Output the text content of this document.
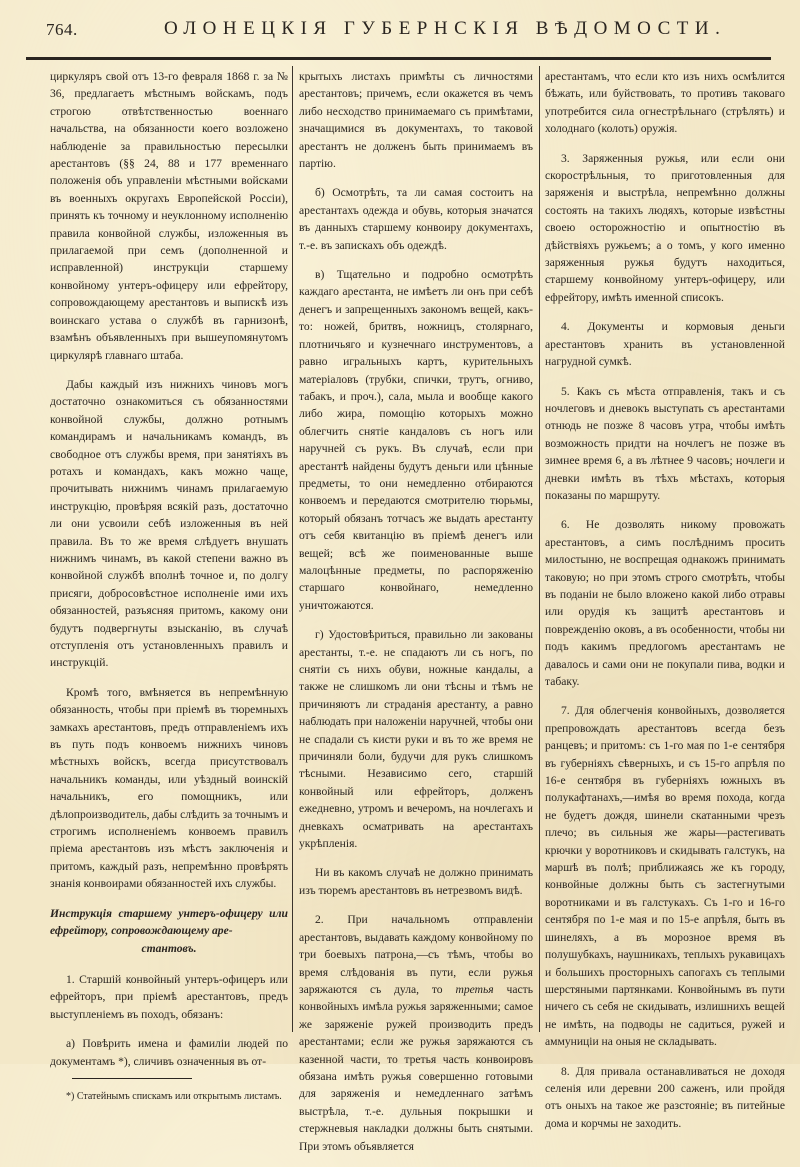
764.	ОЛОНЕЦКІЯ ГУБЕРНСКІЯ ВѢДОМОСТИ.

циркуляръ свой отъ 13-го февраля 1868 г. за № 36, предлагаетъ мѣстнымъ войскамъ, подъ строгою отвѣтственностью военнаго начальства, на обязанности коего возложено наблюденіе за правильностью пересылки арестантовъ (§§ 24, 88 и 177 временнаго положенія объ управленіи мѣстными войсками въ военныхъ округахъ Европейской Россіи), принять къ точному и неуклонному исполненію правила конвойной службы, изложенныя въ прилагаемой при семъ (дополненной и исправленной) инструкціи старшему конвойному унтеръ-офицеру или ефрейтору, сопровождающему арестантовъ и выпискѣ изъ воинскаго устава о службѣ въ гарнизонѣ, взамѣнъ объявленныхъ при вышеупомянутомъ циркулярѣ главнаго штаба.

Дабы каждый изъ нижнихъ чиновъ могъ достаточно ознакомиться съ обязанностями конвойной службы, должно ротнымъ командирамъ и начальникамъ командъ, въ свободное отъ службы время, при занятіяхъ въ ротахъ и командахъ, какъ можно чаще, прочитывать нижнимъ чинамъ прилагаемую инструкцію, провѣряя всякій разъ, достаточно ли они усвоили себѣ изложенныя въ ней правила. Въ то же время слѣдуетъ внушать нижнимъ чинамъ, въ какой степени важно въ конвойной службѣ вполнѣ точное и, по долгу присяги, добросовѣстное исполненіе ими ихъ обязанностей, разъясняя притомъ, какому они будутъ подвергнуты взысканію, въ случаѣ отступленія отъ установленныхъ правилъ и инструкцій.

Кромѣ того, вмѣняется въ непремѣнную обязанность, чтобы при пріемѣ въ тюремныхъ замкахъ арестантовъ, предъ отправленіемъ ихъ въ путь подъ конвоемъ нижнихъ чиновъ мѣстныхъ войскъ, всегда присутствовалъ начальникъ команды, или уѣздный воинскій начальникъ, его помощникъ, или дѣлопроизводитель, дабы слѣдить за точнымъ и строгимъ исполненіемъ конвоемъ правилъ пріема арестантовъ изъ мѣстъ заключенія и притомъ, каждый разъ, непремѣнно провѣрять знанія конвоирами обязанностей ихъ службы.

Инструкція старшему унтеръ-офицеру или ефрейтору, сопровождающему аре-
стантовъ.

1. Старшій конвойный унтеръ-офицеръ или ефрейторъ, при пріемѣ арестантовъ, предъ выступленіемъ въ походъ, обязанъ:

а) Повѣрить имена и фамиліи людей по документамъ *), сличивъ означенныя въ от-

*) Статейнымъ спискамъ или открытымъ листамъ.

крытыхъ листахъ примѣты съ личностями арестантовъ; причемъ, если окажется въ чемъ либо несходство принимаемаго съ примѣтами, значащимися въ документахъ, то таковой арестантъ не долженъ быть принимаемъ въ партію.

б) Осмотрѣть, та ли самая состоитъ на арестантахъ одежда и обувь, которыя значатся въ данныхъ старшему конвоиру документахъ, т.-е. въ запискахъ объ одеждѣ.

в) Тщательно и подробно осмотрѣть каждаго арестанта, не имѣетъ ли онъ при себѣ денегъ и запрещенныхъ закономъ вещей, какъ-то: ножей, бритвъ, ножницъ, столярнаго, плотничьяго и кузнечнаго инструментовъ, а равно игральныхъ картъ, курительныхъ матеріаловъ (трубки, спички, трутъ, огниво, табакъ, и проч.), сала, мыла и вообще какого либо жира, помощію которыхъ можно облегчить снятіе кандаловъ съ ногъ или наручней съ рукъ. Въ случаѣ, если при арестантѣ найдены будутъ деньги или цѣнные предметы, то они немедленно отбираются конвоемъ и передаются смотрителю тюрьмы, который обязанъ тотчасъ же выдать арестанту отъ себя квитанцію въ пріемѣ денегъ или вещей; всѣ же поименованные выше малоцѣнные предметы, по распоряженію старшаго конвойнаго, немедленно уничтожаются.

г) Удостовѣриться, правильно ли закованы арестанты, т.-е. не спадаютъ ли съ ногъ, по снятіи съ нихъ обуви, ножные кандалы, а также не слишкомъ ли они тѣсны и тѣмъ не причиняютъ ли страданія арестанту, а равно наблюдать при наложеніи наручней, чтобы они не спадали съ кисти руки и въ то же время не причиняли боли, будучи для рукъ слишкомъ тѣсными. Независимо сего, старшій конвойный или ефрейторъ, долженъ ежедневно, утромъ и вечеромъ, на ночлегахъ и дневкахъ осматривать на арестантахъ укрѣпленія.

Ни въ какомъ случаѣ не должно принимать изъ тюремъ арестантовъ въ нетрезвомъ видѣ.

2. При начальномъ отправленіи арестантовъ, выдавать каждому конвойному по три боевыхъ патрона,—съ тѣмъ, чтобы во время слѣдованія въ пути, если ружья заряжаются съ дула, то третья часть конвойныхъ имѣла ружья заряженными; самое же заряженіе ружей производить предъ арестантами; если же ружья заряжаются съ казенной части, то третья часть конвоировъ обязана имѣть ружья совершенно готовыми для заряженія и немедленнаго затѣмъ выстрѣла, т.-е. дульныя покрышки и стержневыя накладки должны быть снятыми. При этомъ объявляется

арестантамъ, что если кто изъ нихъ осмѣлится бѣжать, или буйствовать, то противъ таковаго употребится сила огнестрѣльнаго (стрѣлять) и холоднаго (колоть) оружія.

3. Заряженныя ружья, или если они скорострѣльныя, то приготовленныя для заряженія и выстрѣла, непремѣнно должны состоять на такихъ людяхъ, которые извѣстны своею осторожностію и опытностію въ дѣйствіяхъ ружьемъ; а о томъ, у кого именно заряженныя ружья будутъ находиться, старшему конвойному унтеръ-офицеру, или ефрейтору, имѣть именной списокъ.

4. Документы и кормовыя деньги арестантовъ хранить въ установленной нагрудной сумкѣ.

5. Какъ съ мѣста отправленія, такъ и съ ночлеговъ и дневокъ выступать съ арестантами отнюдь не позже 8 часовъ утра, чтобы имѣть возможность придти на ночлегъ не позже въ зимнее время 6, а въ лѣтнее 9 часовъ; ночлеги и дневки имѣть въ тѣхъ мѣстахъ, которыя показаны по маршруту.

6. Не дозволять никому провожать арестантовъ, а симъ послѣднимъ просить милостыню, не воспрещая однакожъ принимать таковую; но при этомъ строго смотрѣть, чтобы въ поданіи не было вложено какой либо отравы или орудія къ защитѣ арестантовъ и поврежденію оковъ, а въ особенности, чтобы ни подъ какимъ предлогомъ арестантамъ не давалось и сами они не покупали пива, водки и табаку.

7. Для облегченія конвойныхъ, дозволяется препровождать арестантовъ всегда безъ ранцевъ; и притомъ: съ 1-го мая по 1-е сентября въ губерніяхъ сѣверныхъ, и съ 15-го апрѣля по 16-е сентября въ губерніяхъ южныхъ въ полукафтанахъ,—имѣя во время похода, когда не будетъ дождя, шинели скатанными чрезъ плечо; въ сильныя же жары—растегивать крючки у воротниковъ и скидывать галстукъ, на маршѣ въ полѣ; приближаясь же къ городу, конвойные должны быть съ застегнутыми воротниками и въ галстукахъ. Съ 1-го и 16-го сентября по 1-е мая и по 15-е апрѣля, быть въ шинеляхъ, а въ морозное время въ полушубкахъ, наушникахъ, теплыхъ рукавицахъ и большихъ просторныхъ сапогахъ съ теплыми шерстяными партянками. Конвойнымъ въ пути ничего съ себя не скидывать, излишнихъ вещей не имѣть, на подводы не садиться, ружей и аммуниціи на оныя не складывать.

8. Для привала останавливаться не доходя селенія или деревни 200 саженъ, или пройдя отъ оныхъ на такое же разстояніе; въ питейные дома и корчмы не заходить.
